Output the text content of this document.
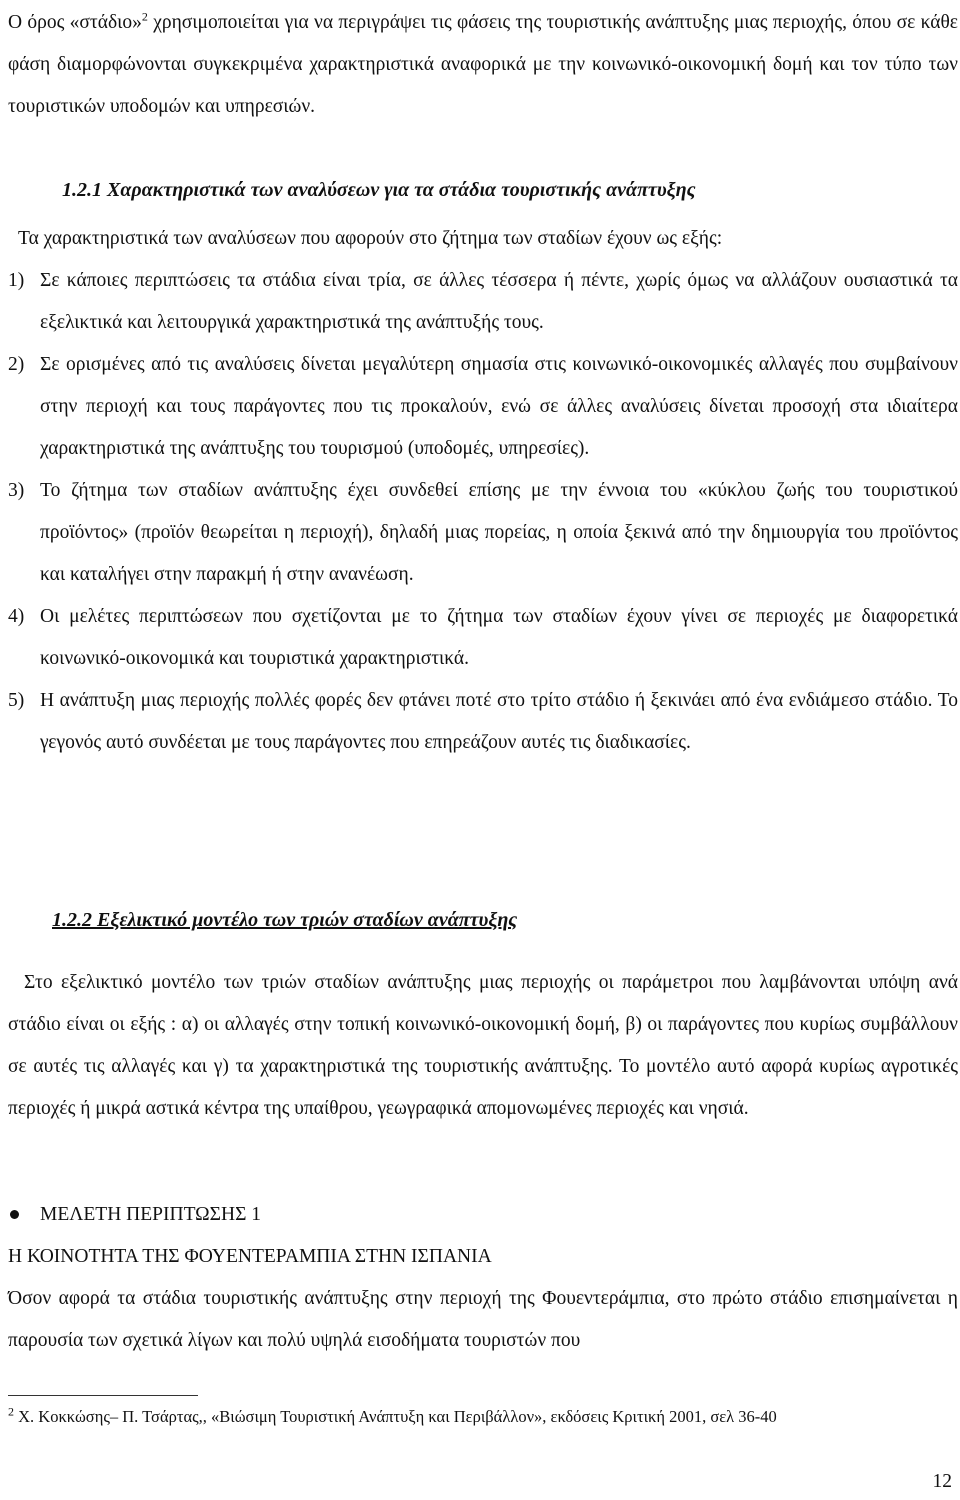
Ο όρος «στάδιο»$^2$ χρησιμοποιείται για να περιγράψει τις φάσεις της τουριστικής ανάπτυξης μιας περιοχής, όπου σε κάθε φάση διαμορφώνονται συγκεκριμένα χαρακτηριστικά αναφορικά με την κοινωνικό-οικονομική δομή και τον τύπο των τουριστικών υποδομών και υπηρεσιών.
1.2.1 Χαρακτηριστικά των αναλύσεων για τα στάδια τουριστικής ανάπτυξης
Τα χαρακτηριστικά των αναλύσεων που αφορούν στο ζήτημα των σταδίων έχουν ως εξής:
1) Σε κάποιες περιπτώσεις τα στάδια είναι τρία, σε άλλες τέσσερα ή πέντε, χωρίς όμως να αλλάζουν ουσιαστικά τα εξελικτικά και λειτουργικά χαρακτηριστικά της ανάπτυξής τους.
2) Σε ορισμένες από τις αναλύσεις δίνεται μεγαλύτερη σημασία στις κοινωνικό-οικονομικές αλλαγές που συμβαίνουν στην περιοχή και τους παράγοντες που τις προκαλούν, ενώ σε άλλες αναλύσεις δίνεται προσοχή στα ιδιαίτερα χαρακτηριστικά της ανάπτυξης του τουρισμού (υποδομές, υπηρεσίες).
3) Το ζήτημα των σταδίων ανάπτυξης έχει συνδεθεί επίσης με την έννοια του «κύκλου ζωής του τουριστικού προϊόντος» (προϊόν θεωρείται η περιοχή), δηλαδή μιας πορείας, η οποία ξεκινά από την δημιουργία του προϊόντος και καταλήγει στην παρακμή ή στην ανανέωση.
4) Οι μελέτες περιπτώσεων που σχετίζονται με το ζήτημα των σταδίων έχουν γίνει σε περιοχές με διαφορετικά κοινωνικό-οικονομικά και τουριστικά χαρακτηριστικά.
5) Η ανάπτυξη μιας περιοχής πολλές φορές δεν φτάνει ποτέ στο τρίτο στάδιο ή ξεκινάει από ένα ενδιάμεσο στάδιο. Το γεγονός αυτό συνδέεται με τους παράγοντες που επηρεάζουν αυτές τις διαδικασίες.
1.2.2 Εξελικτικό μοντέλο των τριών σταδίων ανάπτυξης
Στο εξελικτικό μοντέλο των τριών σταδίων ανάπτυξης μιας περιοχής οι παράμετροι που λαμβάνονται υπόψη ανά στάδιο είναι οι εξής : α) οι αλλαγές στην τοπική κοινωνικό-οικονομική δομή, β) οι παράγοντες που κυρίως συμβάλλουν σε αυτές τις αλλαγές και γ) τα χαρακτηριστικά της τουριστικής ανάπτυξης. Το μοντέλο αυτό αφορά κυρίως αγροτικές περιοχές ή μικρά αστικά κέντρα της υπαίθρου, γεωγραφικά απομονωμένες περιοχές και νησιά.
ΜΕΛΕΤΗ ΠΕΡΙΠΤΩΣΗΣ 1
Η ΚΟΙΝΟΤΗΤΑ ΤΗΣ ΦΟΥΕΝΤΕΡΑΜΠΙΑ ΣΤΗΝ ΙΣΠΑΝΙΑ
Όσον αφορά τα στάδια τουριστικής ανάπτυξης στην περιοχή της Φουεντεράμπια, στο πρώτο στάδιο επισημαίνεται η παρουσία των σχετικά λίγων και πολύ υψηλά εισοδήματα τουριστών που
$^2$ Χ. Κοκκώσης– Π. Τσάρτας,, «Βιώσιμη Τουριστική Ανάπτυξη και Περιβάλλον», εκδόσεις Κριτική 2001, σελ 36-40
12
